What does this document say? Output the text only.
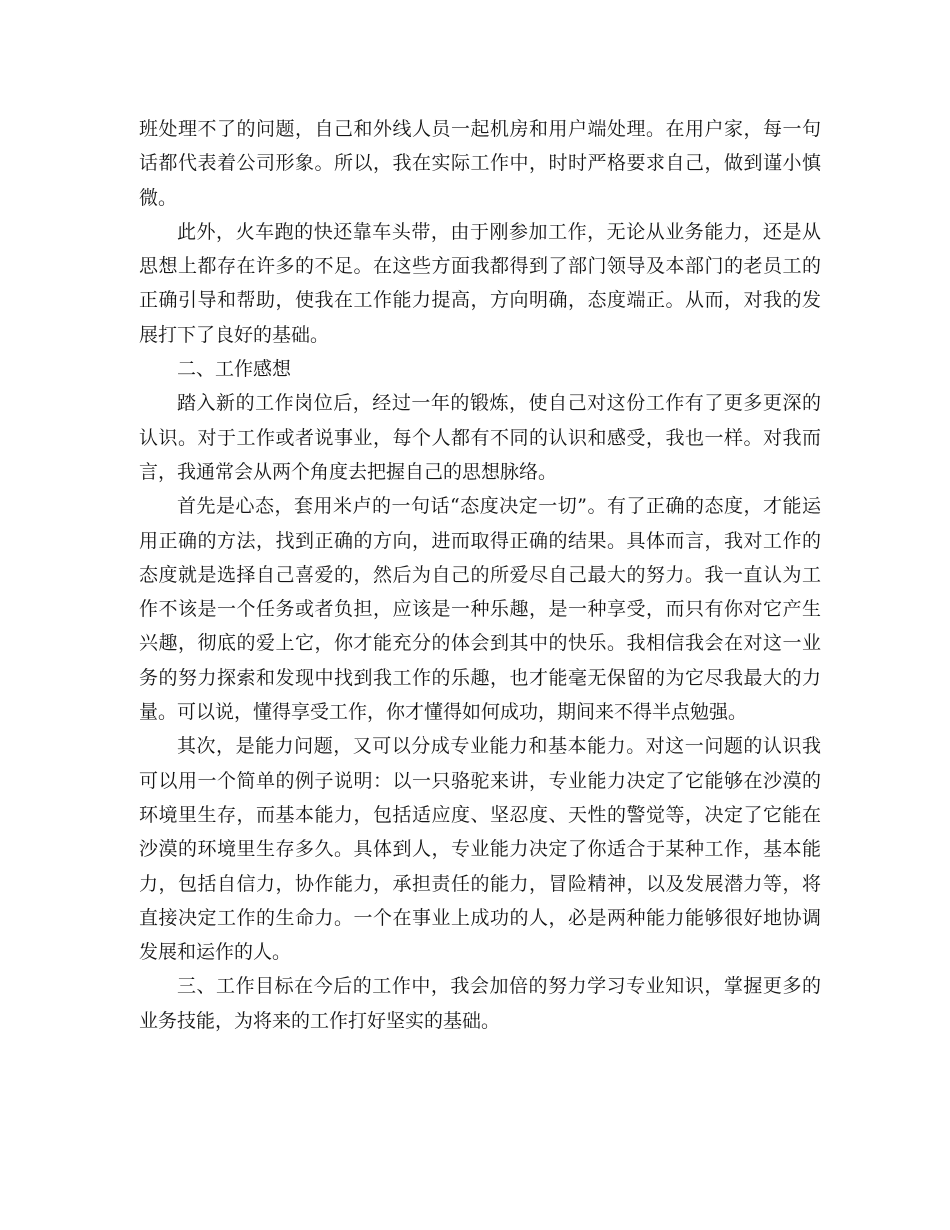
班处理不了的问题，自己和外线人员一起机房和用户端处理。在用户家，每一句话都代表着公司形象。所以，我在实际工作中，时时严格要求自己，做到谨小慎微。

此外，火车跑的快还靠车头带，由于刚参加工作，无论从业务能力，还是从思想上都存在许多的不足。在这些方面我都得到了部门领导及本部门的老员工的正确引导和帮助，使我在工作能力提高，方向明确，态度端正。从而，对我的发展打下了良好的基础。

二、工作感想

踏入新的工作岗位后，经过一年的锻炼，使自己对这份工作有了更多更深的认识。对于工作或者说事业，每个人都有不同的认识和感受，我也一样。对我而言，我通常会从两个角度去把握自己的思想脉络。

首先是心态，套用米卢的一句话“态度决定一切”。有了正确的态度，才能运用正确的方法，找到正确的方向，进而取得正确的结果。具体而言，我对工作的态度就是选择自己喜爱的，然后为自己的所爱尽自己最大的努力。我一直认为工作不该是一个任务或者负担，应该是一种乐趣，是一种享受，而只有你对它产生兴趣，彻底的爱上它，你才能充分的体会到其中的快乐。我相信我会在对这一业务的努力探索和发现中找到我工作的乐趣，也才能毫无保留的为它尽我最大的力量。可以说，懂得享受工作，你才懂得如何成功，期间来不得半点勉强。

其次，是能力问题，又可以分成专业能力和基本能力。对这一问题的认识我可以用一个简单的例子说明：以一只骆驼来讲，专业能力决定了它能够在沙漠的环境里生存，而基本能力，包括适应度、坚忍度、天性的警觉等，决定了它能在沙漠的环境里生存多久。具体到人，专业能力决定了你适合于某种工作，基本能力，包括自信力，协作能力，承担责任的能力，冒险精神，以及发展潜力等，将直接决定工作的生命力。一个在事业上成功的人，必是两种能力能够很好地协调发展和运作的人。

三、工作目标在今后的工作中，我会加倍的努力学习专业知识，掌握更多的业务技能，为将来的工作打好坚实的基础。
